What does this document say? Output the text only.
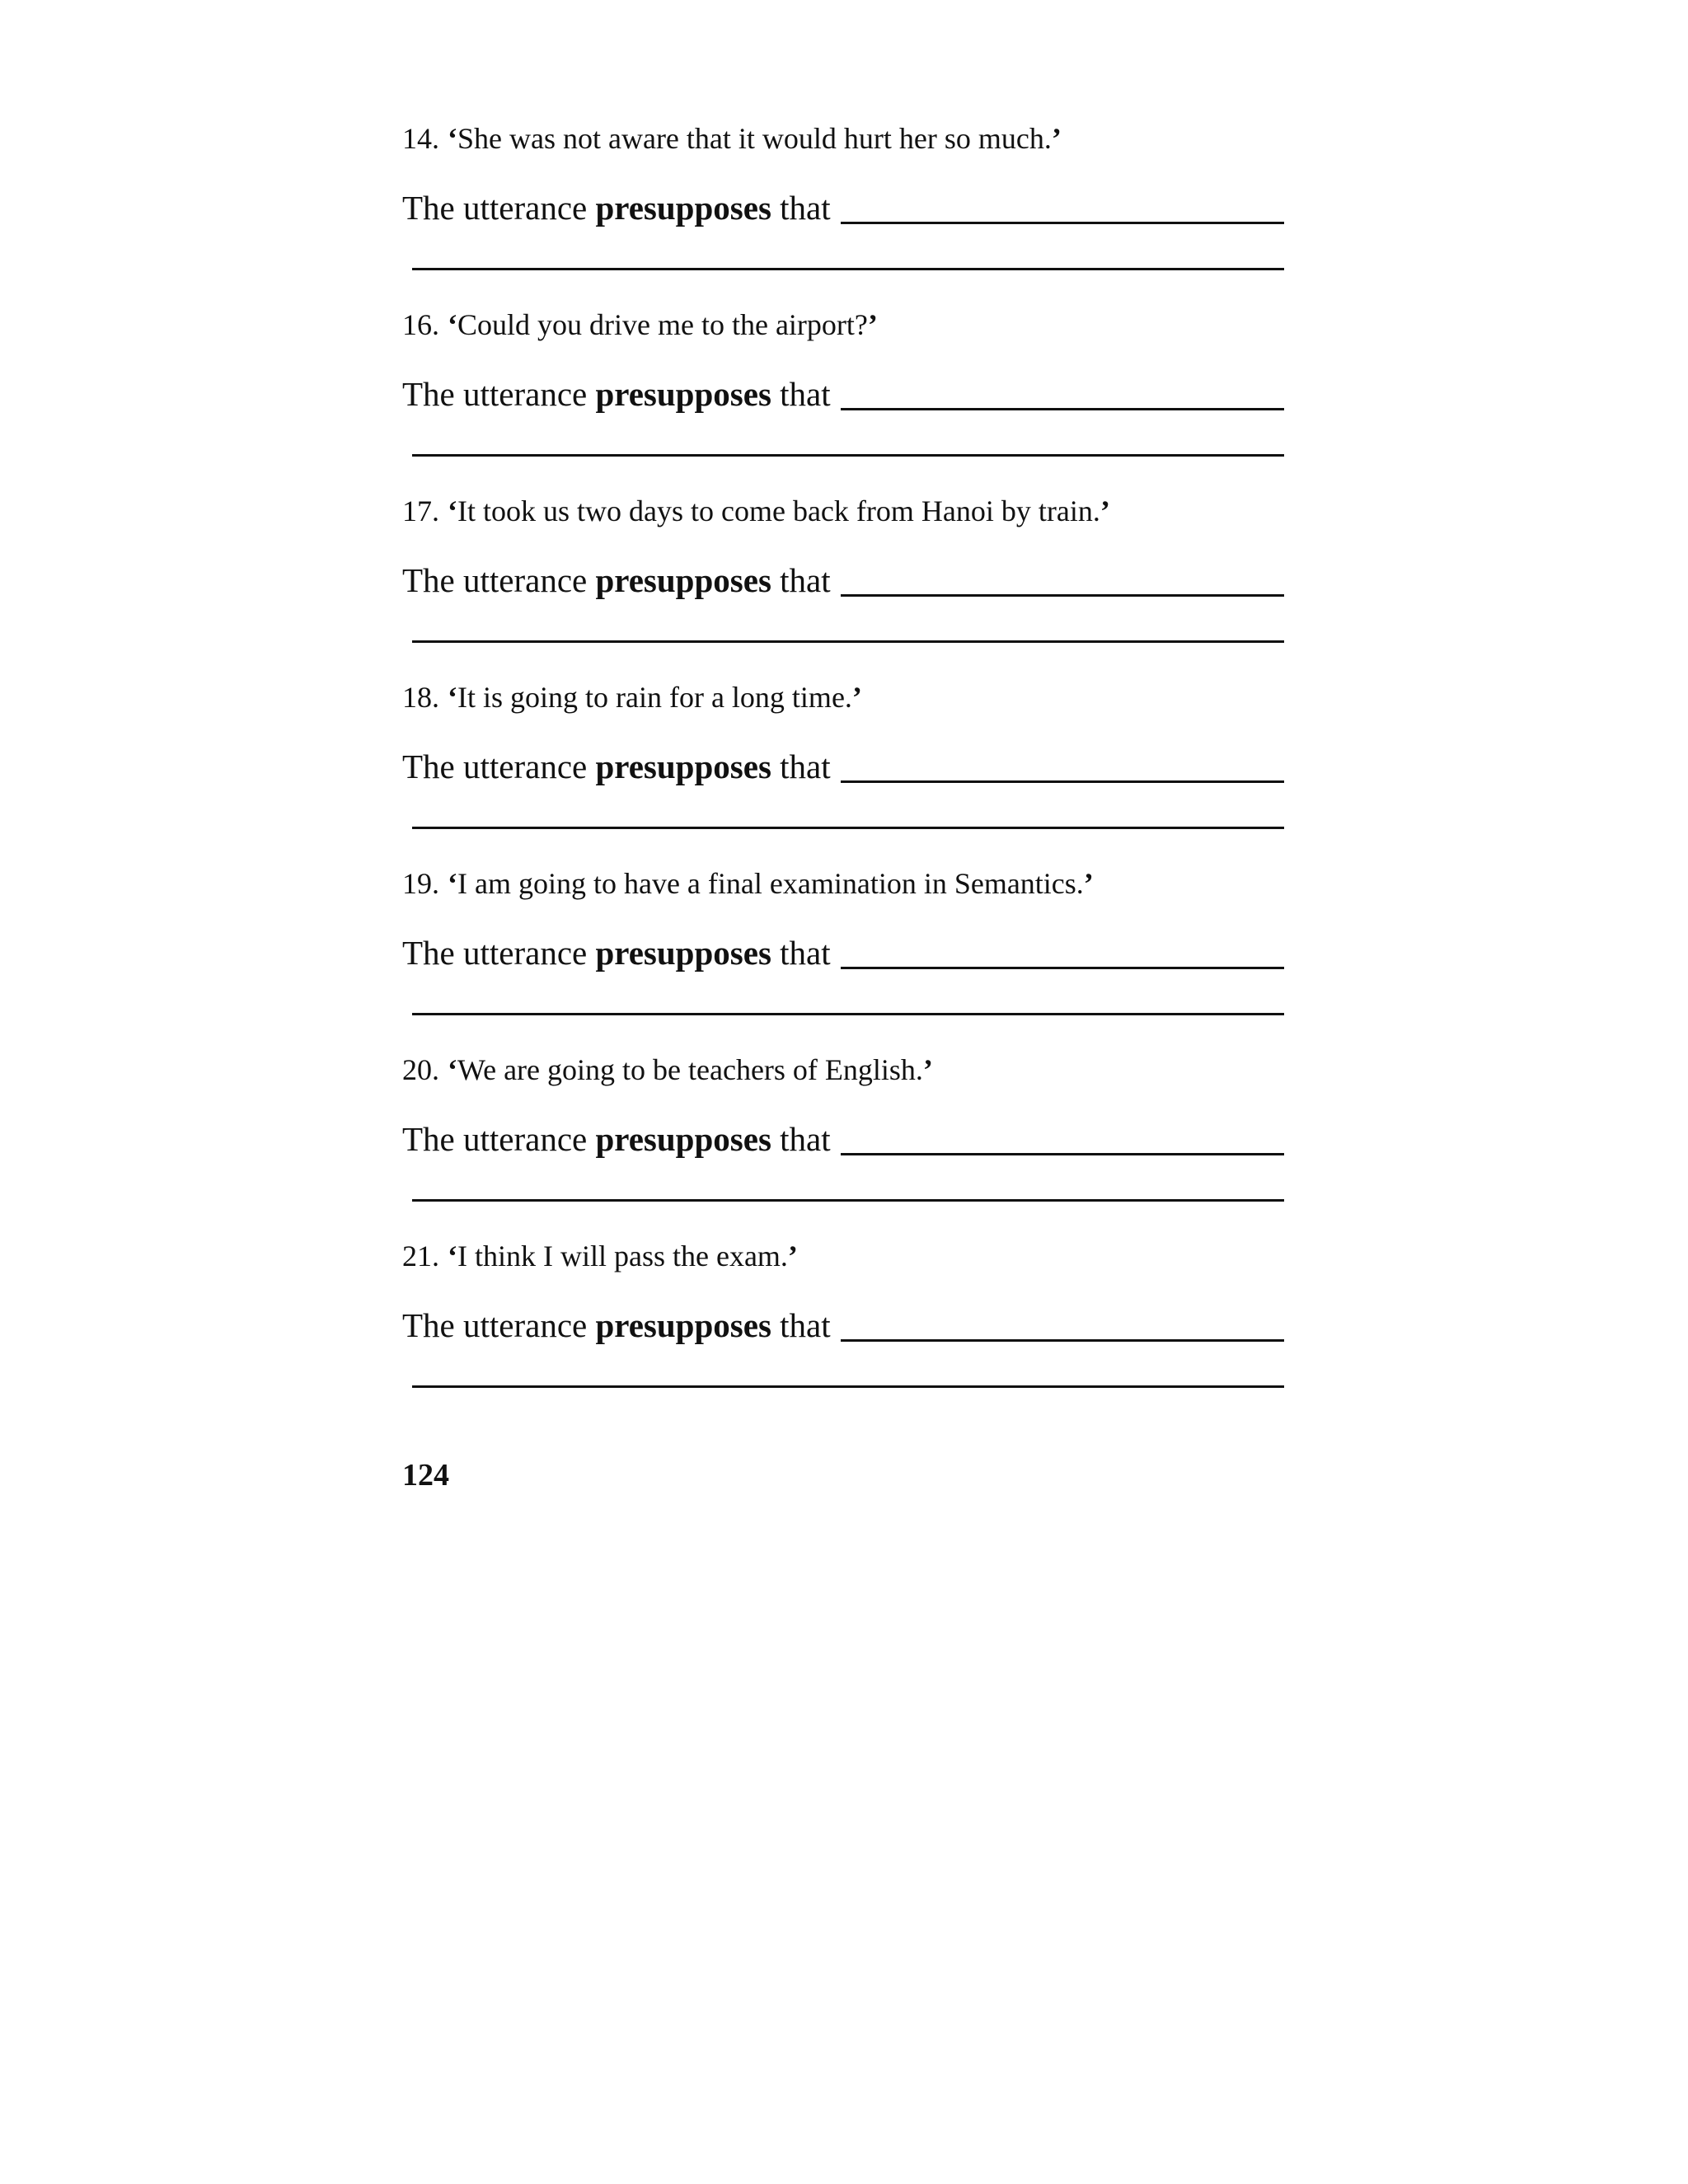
14. ‘She was not aware that it would hurt her so much.’
The utterance
presupposes
that
16. ‘Could you drive me to the airport?’
The utterance
presupposes
that
17. ‘It took us two days to come back from Hanoi by train.’
The utterance
presupposes
that
18. ‘It is going to rain for a long time.’
The utterance
presupposes
that
19. ‘I am going to have a final examination in Semantics.’
The utterance
presupposes
that
20. ‘We are going to be teachers of English.’
The utterance
presupposes
that
21. ‘I think I will pass the exam.’
The utterance
presupposes
that
124
